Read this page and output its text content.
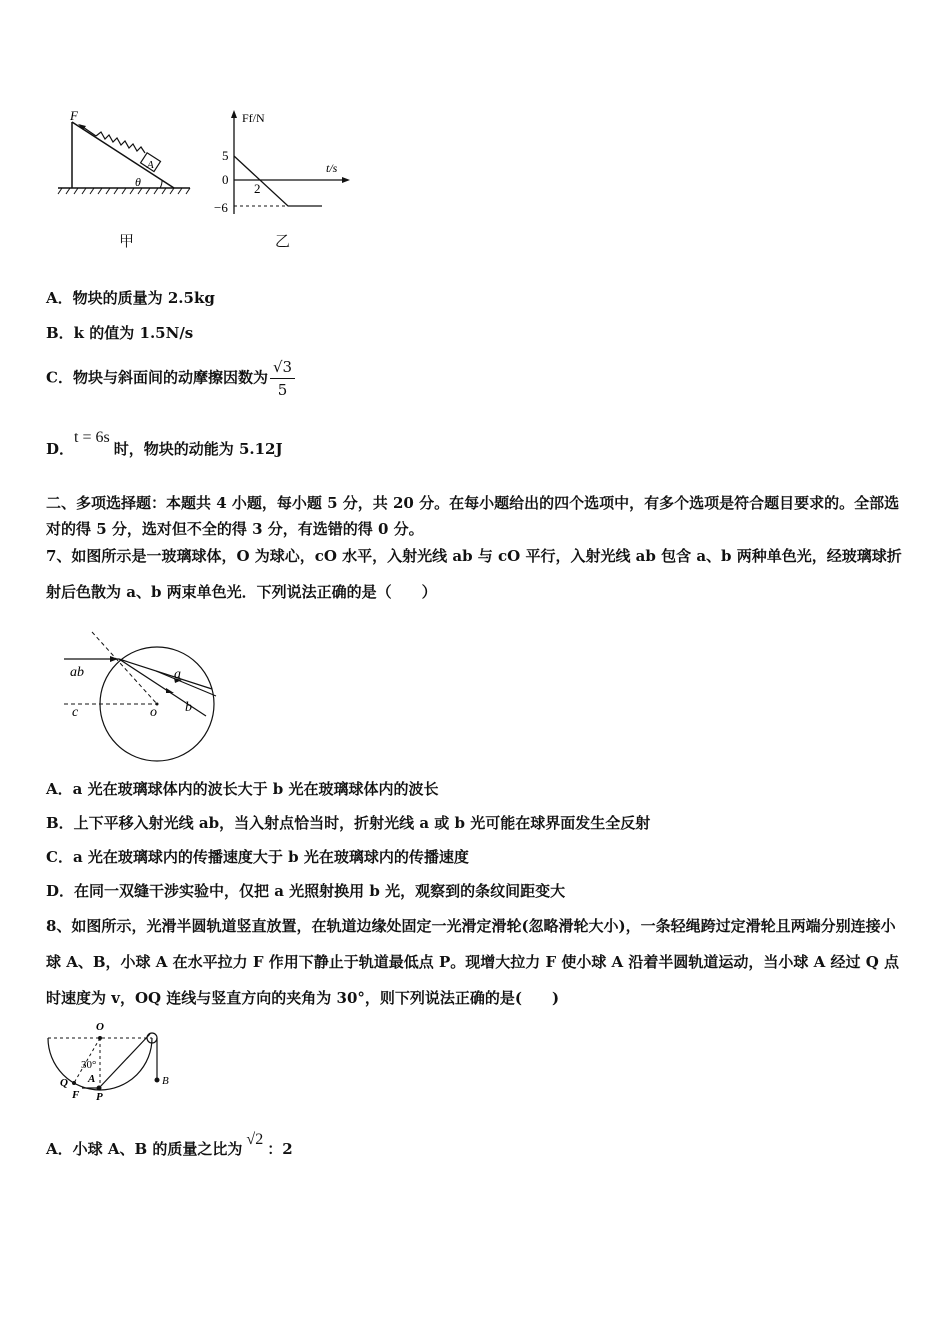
F
A
θ
甲
Ff/N
t/s
5
0
−6
2
乙
A．物块的质量为 2.5kg
B．k 的值为 1.5N/s
C．物块与斜面间的动摩擦因数为 $\frac{√3}{5}$
D．t = 6s时，物块的动能为 5.12J
二、多项选择题：本题共 4 小题，每小题 5 分，共 20 分。在每小题给出的四个选项中，有多个选项是符合题目要求的。全部选对的得 5 分，选对但不全的得 3 分，有选错的得 0 分。
7、如图所示是一玻璃球体，O 为球心，cO 水平，入射光线 ab 与 cO 平行，入射光线 ab 包含 a、b 两种单色光，经玻璃球折射后色散为 a、b 两束单色光．下列说法正确的是（　　）
ab	a
b
c	o
A．a 光在玻璃球体内的波长大于 b 光在玻璃球体内的波长
B．上下平移入射光线 ab，当入射点恰当时，折射光线 a 或 b 光可能在球界面发生全反射
C．a 光在玻璃球内的传播速度大于 b 光在玻璃球内的传播速度
D．在同一双缝干涉实验中，仅把 a 光照射换用 b 光，观察到的条纹间距变大
8、如图所示，光滑半圆轨道竖直放置，在轨道边缘处固定一光滑定滑轮(忽略滑轮大小)，一条轻绳跨过定滑轮且两端分别连接小球 A、B，小球 A 在水平拉力 F 作用下静止于轨道最低点 P。现增大拉力 F 使小球 A 沿着半圆轨道运动，当小球 A 经过 Q 点时速度为 v，OQ 连线与竖直方向的夹角为 30°，则下列说法正确的是(　　)
O
30°
Q A
F P
B
A．小球 A、B 的质量之比为√2：2
